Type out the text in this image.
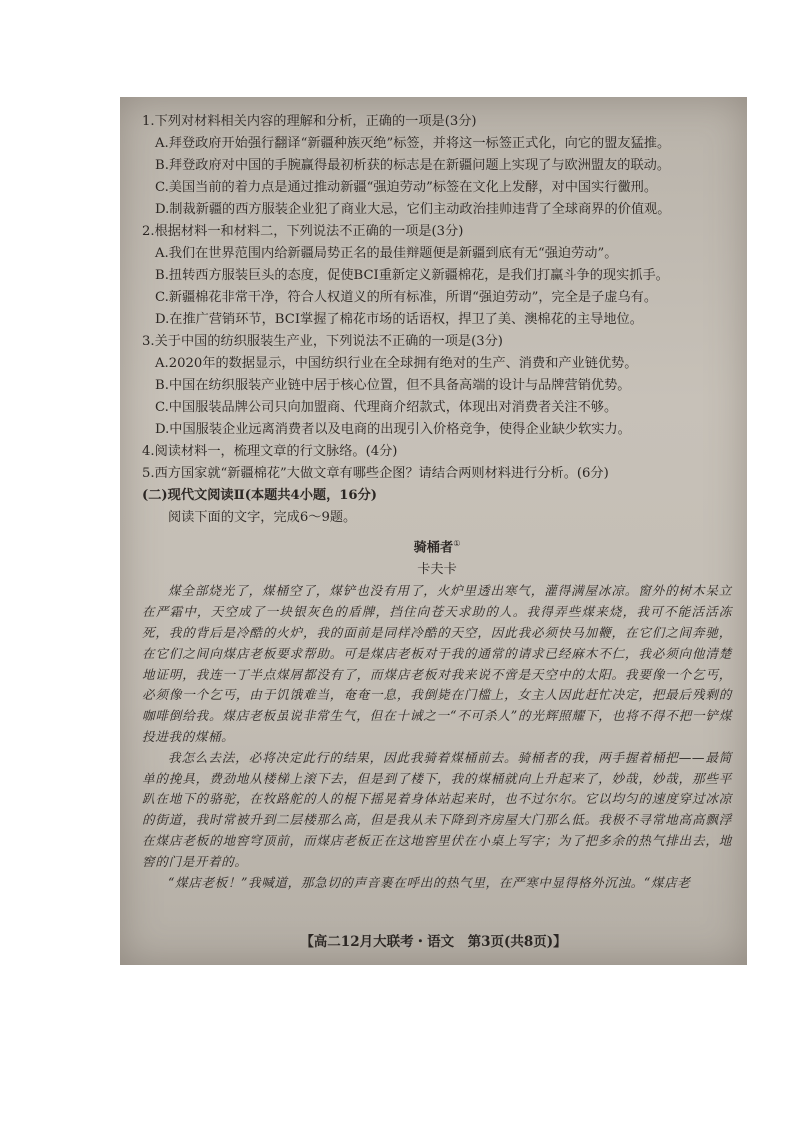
1.下列对材料相关内容的理解和分析，正确的一项是(3分)

A.拜登政府开始强行翻译“新疆种族灭绝”标签，并将这一标签正式化，向它的盟友猛推。

B.拜登政府对中国的手腕赢得最初析获的标志是在新疆问题上实现了与欧洲盟友的联动。

C.美国当前的着力点是通过推动新疆“强迫劳动”标签在文化上发酵，对中国实行黴刑。

D.制裁新疆的西方服装企业犯了商业大忌，它们主动政治挂帅违背了全球商界的价值观。

2.根据材料一和材料二，下列说法不正确的一项是(3分)

A.我们在世界范围内给新疆局势正名的最佳辩题便是新疆到底有无“强迫劳动”。

B.扭转西方服装巨头的态度，促使BCI重新定义新疆棉花，是我们打赢斗争的现实抓手。

C.新疆棉花非常干净，符合人权道义的所有标准，所谓“强迫劳动”，完全是子虚乌有。

D.在推广营销环节，BCI掌握了棉花市场的话语权，捍卫了美、澳棉花的主导地位。

3.关于中国的纺织服装生产业，下列说法不正确的一项是(3分)

A.2020年的数据显示，中国纺织行业在全球拥有绝对的生产、消费和产业链优势。

B.中国在纺织服装产业链中居于核心位置，但不具备高端的设计与品牌营销优势。

C.中国服装品牌公司只向加盟商、代理商介绍款式，体现出对消费者关注不够。

D.中国服装企业远离消费者以及电商的出现引入价格竞争，使得企业缺少软实力。

4.阅读材料一，梳理文章的行文脉络。(4分)

5.西方国家就“新疆棉花”大做文章有哪些企图？请结合两则材料进行分析。(6分)

(二)现代文阅读Ⅱ(本题共4小题，16分)

阅读下面的文字，完成6～9题。

骑桶者①

卡夫卡

煤全部烧光了，煤桶空了，煤铲也没有用了，火炉里透出寒气，灌得满屋冰凉。窗外的树木呆立在严霜中，天空成了一块银灰色的盾牌，挡住向苍天求助的人。我得弄些煤来烧，我可不能活活冻死，我的背后是冷酷的火炉，我的面前是同样冷酷的天空，因此我必须快马加鞭，在它们之间奔驰，在它们之间向煤店老板要求帮助。可是煤店老板对于我的通常的请求已经麻木不仁，我必须向他清楚地证明，我连一丁半点煤屑都没有了，而煤店老板对我来说不啻是天空中的太阳。我要像一个乞丐，必须像一个乞丐，由于饥饿难当，奄奄一息，我倒毙在门槛上，女主人因此赶忙决定，把最后残剩的咖啡倒给我。煤店老板虽说非常生气，但在十诫之一“不可杀人”的光辉照耀下，也将不得不把一铲煤投进我的煤桶。

我怎么去法，必将决定此行的结果，因此我骑着煤桶前去。骑桶者的我，两手握着桶把——最简单的挽具，费劲地从楼梯上滚下去，但是到了楼下，我的煤桶就向上升起来了，妙哉，妙哉，那些平趴在地下的骆驼，在牧路舵的人的棍下摇晃着身体站起来时，也不过尔尔。它以均匀的速度穿过冰凉的街道，我时常被升到二层楼那么高，但是我从未下降到齐房屋大门那么低。我极不寻常地高高飘浮在煤店老板的地窖穹顶前，而煤店老板正在这地窖里伏在小桌上写字；为了把多余的热气排出去，地窖的门是开着的。

“煤店老板！”我喊道，那急切的声音裹在呼出的热气里，在严寒中显得格外沉浊。“煤店老

【高二12月大联考・语文　第3页(共8页)】
